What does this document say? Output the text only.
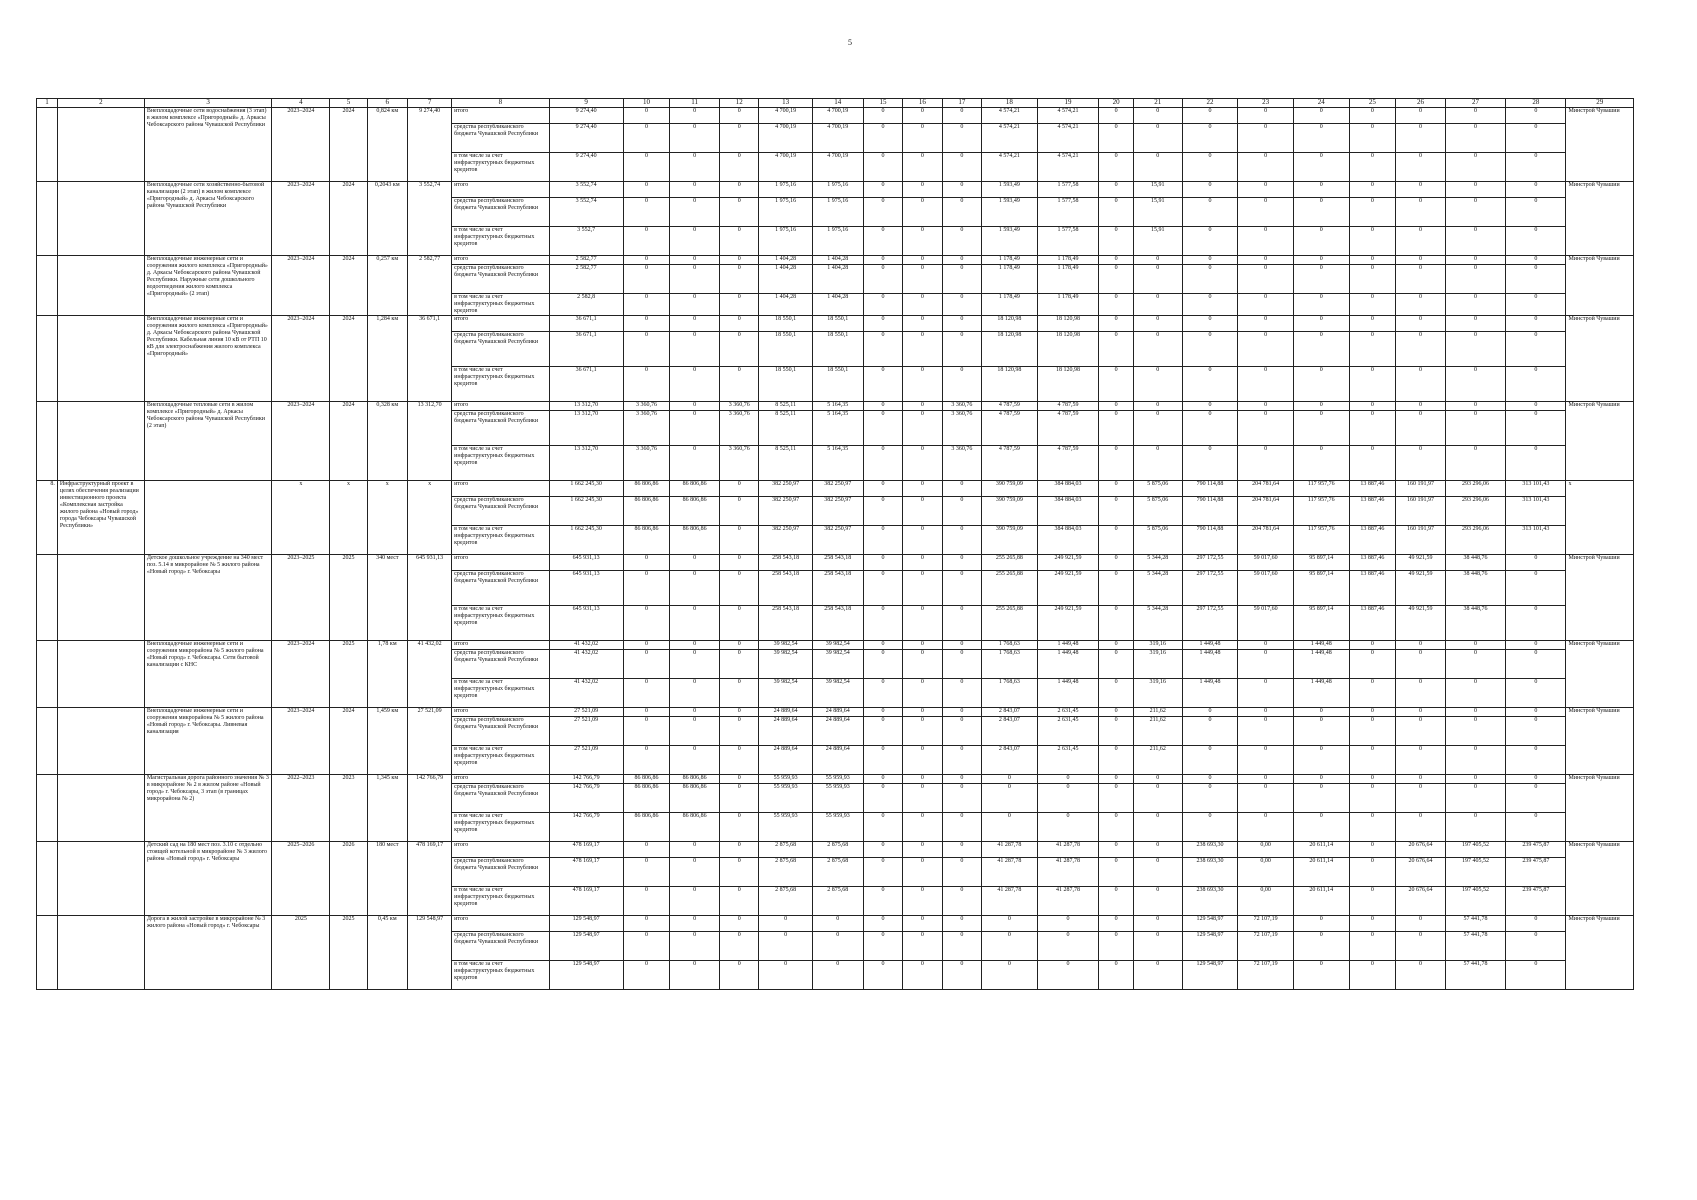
5
1	2	3	4	5	6	7	8	9	10	11	12	13	14	15	16	17	18	19	20	21	22	23	24	25	26	27	28	29
		Внеплощадочные сети водоснабжения (3 этап) в жилом комплексе «Пригородный» д. Аркасы Чебоксарского района Чувашской Республики	2023–2024	2024	0,824 км	9 274,40	итого	9 274,40	0	0	0	4 700,19	4 700,19	0	0	0	4 574,21	4 574,21	0	0	0	0	0	0	0	0	0	Минстрой Чувашии
							средства республиканского бюджета Чувашской Республики	9 274,40	0	0	0	4 700,19	4 700,19	0	0	0	4 574,21	4 574,21	0	0	0	0	0	0	0	0	0	
							в том числе за счет инфраструктурных бюджетных кредитов	9 274,40	0	0	0	4 700,19	4 700,19	0	0	0	4 574,21	4 574,21	0	0	0	0	0	0	0	0	0	
		Внеплощадочные сети хозяйственно-бытовой канализации (2 этап) в жилом комплексе «Пригородный» д. Аркасы Чебоксарского района Чувашской Республики	2023–2024	2024	0,2043 км	3 552,74	итого	3 552,74	0	0	0	1 975,16	1 975,16	0	0	0	1 593,49	1 577,58	0	15,91	0	0	0	0	0	0	0	Минстрой Чувашии
							средства республиканского бюджета Чувашской Республики	3 552,74	0	0	0	1 975,16	1 975,16	0	0	0	1 593,49	1 577,58	0	15,91	0	0	0	0	0	0	0	
							в том числе за счет инфраструктурных бюджетных кредитов	3 552,7	0	0	0	1 975,16	1 975,16	0	0	0	1 593,49	1 577,58	0	15,91	0	0	0	0	0	0	0	
		Внеплощадочные инженерные сети и сооружения жилого комплекса «Пригородный» д. Аркасы Чебоксарского района Чувашской Республики. Наружные сети дошкольного водоотведения жилого комплекса «Пригородный» (2 этап)	2023–2024	2024	0,257 км	2 582,77	итого	2 582,77	0	0	0	1 404,28	1 404,28	0	0	0	1 178,49	1 178,49	0	0	0	0	0	0	0	0	0	Минстрой Чувашии
							средства республиканского бюджета Чувашской Республики	2 582,77	0	0	0	1 404,28	1 404,28	0	0	0	1 178,49	1 178,49	0	0	0	0	0	0	0	0	0	
							в том числе за счет инфраструктурных бюджетных кредитов	2 582,8	0	0	0	1 404,28	1 404,28	0	0	0	1 178,49	1 178,49	0	0	0	0	0	0	0	0	0	
		Внеплощадочные инженерные сети и сооружения жилого комплекса «Пригородный» д. Аркасы Чебоксарского района Чувашской Республики. Кабельная линия 10 кВ от РТП 10 кВ для электроснабжения жилого комплекса «Пригородный»	2023–2024	2024	1,284 км	36 671,1	итого	36 671,1	0	0	0	18 550,1	18 550,1	0	0	0	18 120,98	18 120,98	0	0	0	0	0	0	0	0	0	Минстрой Чувашии
							средства республиканского бюджета Чувашской Республики	36 671,1	0	0	0	18 550,1	18 550,1	0	0	0	18 120,98	18 120,98	0	0	0	0	0	0	0	0	0	
							в том числе за счет инфраструктурных бюджетных кредитов	36 671,1	0	0	0	18 550,1	18 550,1	0	0	0	18 120,98	18 120,98	0	0	0	0	0	0	0	0	0	
		Внеплощадочные тепловые сети в жилом комплексе «Пригородный» д. Аркасы Чебоксарского района Чувашской Республики (2 этап)	2023–2024	2024	0,328 км	13 312,70	итого	13 312,70	3 360,76	0	3 360,76	8 525,11	5 164,35	0	0	3 360,76	4 787,59	4 787,59	0	0	0	0	0	0	0	0	0	Минстрой Чувашии
							средства республиканского бюджета Чувашской Республики	13 312,70	3 360,76	0	3 360,76	8 525,11	5 164,35	0	0	3 360,76	4 787,59	4 787,59	0	0	0	0	0	0	0	0	0	
							в том числе за счет инфраструктурных бюджетных кредитов	13 312,70	3 360,76	0	3 360,76	8 525,11	5 164,35	0	0	3 360,76	4 787,59	4 787,59	0	0	0	0	0	0	0	0	0	
8.	Инфраструктурный проект в целях обеспечения реализации инвестиционного проекта «Комплексная застройка жилого района «Новый город» города Чебоксары Чувашской Республики»		x	x	x	x	итого	1 662 245,30	86 806,86	86 806,86	0	382 250,97	382 250,97	0	0	0	390 759,09	384 884,03	0	5 875,06	790 114,88	204 781,64	117 957,76	13 887,46	160 191,97	293 296,06	313 101,43	x
							средства республиканского бюджета Чувашской Республики	1 662 245,30	86 806,86	86 806,86	0	382 250,97	382 250,97	0	0	0	390 759,09	384 884,03	0	5 875,06	790 114,88	204 781,64	117 957,76	13 887,46	160 191,97	293 296,06	313 101,43	
							в том числе за счет инфраструктурных бюджетных кредитов	1 662 245,30	86 806,86	86 806,86	0	382 250,97	382 250,97	0	0	0	390 759,09	384 884,03	0	5 875,06	790 114,88	204 781,64	117 957,76	13 887,46	160 191,97	293 296,06	313 101,43	
		Детское дошкольное учреждение на 340 мест поз. 5.14 в микрорайоне № 5 жилого района «Новый город» г. Чебоксары	2023–2025	2025	340 мест	645 931,13	итого	645 931,13	0	0	0	258 543,18	258 543,18	0	0	0	255 265,88	249 921,59	0	5 344,28	297 172,55	59 017,60	95 897,14	13 887,46	49 921,59	38 448,76	0	Минстрой Чувашии
							средства республиканского бюджета Чувашской Республики	645 931,13	0	0	0	258 543,18	258 543,18	0	0	0	255 265,88	249 921,59	0	5 344,28	297 172,55	59 017,60	95 897,14	13 887,46	49 921,59	38 448,76	0	
							в том числе за счет инфраструктурных бюджетных кредитов	645 931,13	0	0	0	258 543,18	258 543,18	0	0	0	255 265,88	249 921,59	0	5 344,28	297 172,55	59 017,60	95 897,14	13 887,46	49 921,59	38 448,76	0	
		Внеплощадочные инженерные сети и сооружения микрорайона № 5 жилого района «Новый город» г. Чебоксары. Сети бытовой канализации с КНС	2023–2024	2025	1,78 км	41 432,02	итого	41 432,02	0	0	0	39 982,54	39 982,54	0	0	0	1 768,63	1 449,48	0	319,16	1 449,48	0	1 449,48	0	0	0	0	Минстрой Чувашии
							средства республиканского бюджета Чувашской Республики	41 432,02	0	0	0	39 982,54	39 982,54	0	0	0	1 768,63	1 449,48	0	319,16	1 449,48	0	1 449,48	0	0	0	0	
							в том числе за счет инфраструктурных бюджетных кредитов	41 432,02	0	0	0	39 982,54	39 982,54	0	0	0	1 768,63	1 449,48	0	319,16	1 449,48	0	1 449,48	0	0	0	0	
		Внеплощадочные инженерные сети и сооружения микрорайона № 5 жилого района «Новый город» г. Чебоксары. Ливневая канализация	2023–2024	2024	1,459 км	27 521,09	итого	27 521,09	0	0	0	24 889,64	24 889,64	0	0	0	2 843,07	2 631,45	0	211,62	0	0	0	0	0	0	0	Минстрой Чувашии
							средства республиканского бюджета Чувашской Республики	27 521,09	0	0	0	24 889,64	24 889,64	0	0	0	2 843,07	2 631,45	0	211,62	0	0	0	0	0	0	0	
							в том числе за счет инфраструктурных бюджетных кредитов	27 521,09	0	0	0	24 889,64	24 889,64	0	0	0	2 843,07	2 631,45	0	211,62	0	0	0	0	0	0	0	
		Магистральная дорога районного значения № 3 в микрорайоне № 2 в жилом районе «Новый город» г. Чебоксары, 3 этап (в границах микрорайона № 2)	2022–2023	2023	1,345 км	142 766,79	итого	142 766,79	86 806,86	86 806,86	0	55 959,93	55 959,93	0	0	0	0	0	0	0	0	0	0	0	0	0	0	Минстрой Чувашии
							средства республиканского бюджета Чувашской Республики	142 766,79	86 806,86	86 806,86	0	55 959,93	55 959,93	0	0	0	0	0	0	0	0	0	0	0	0	0	0	
							в том числе за счет инфраструктурных бюджетных кредитов	142 766,79	86 806,86	86 806,86	0	55 959,93	55 959,93	0	0	0	0	0	0	0	0	0	0	0	0	0	0	
		Детский сад на 180 мест поз. 3.10 с отдельно стоящей котельной в микрорайоне № 3 жилого района «Новый город» г. Чебоксары	2025–2026	2026	180 мест	478 169,17	итого	478 169,17	0	0	0	2 875,68	2 875,68	0	0	0	41 287,78	41 287,78	0	0	238 693,30	0,00	20 611,14	0	20 676,64	197 405,52	239 475,87	Минстрой Чувашии
							средства республиканского бюджета Чувашской Республики	478 169,17	0	0	0	2 875,68	2 875,68	0	0	0	41 287,78	41 287,78	0	0	238 693,30	0,00	20 611,14	0	20 676,64	197 405,52	239 475,87	
							в том числе за счет инфраструктурных бюджетных кредитов	478 169,17	0	0	0	2 875,68	2 875,68	0	0	0	41 287,78	41 287,78	0	0	238 693,30	0,00	20 611,14	0	20 676,64	197 405,52	239 475,87	
		Дорога в жилой застройке в микрорайоне № 3 жилого района «Новый город» г. Чебоксары	2025	2025	0,45 км	129 548,97	итого	129 548,97	0	0	0	0	0	0	0	0	0	0	0	0	129 548,97	72 107,19	0	0	0	57 441,78	0	Минстрой Чувашии
							средства республиканского бюджета Чувашской Республики	129 548,97	0	0	0	0	0	0	0	0	0	0	0	0	129 548,97	72 107,19	0	0	0	57 441,78	0	
							в том числе за счет инфраструктурных бюджетных кредитов	129 548,97	0	0	0	0	0	0	0	0	0	0	0	0	129 548,97	72 107,19	0	0	0	57 441,78	0	
